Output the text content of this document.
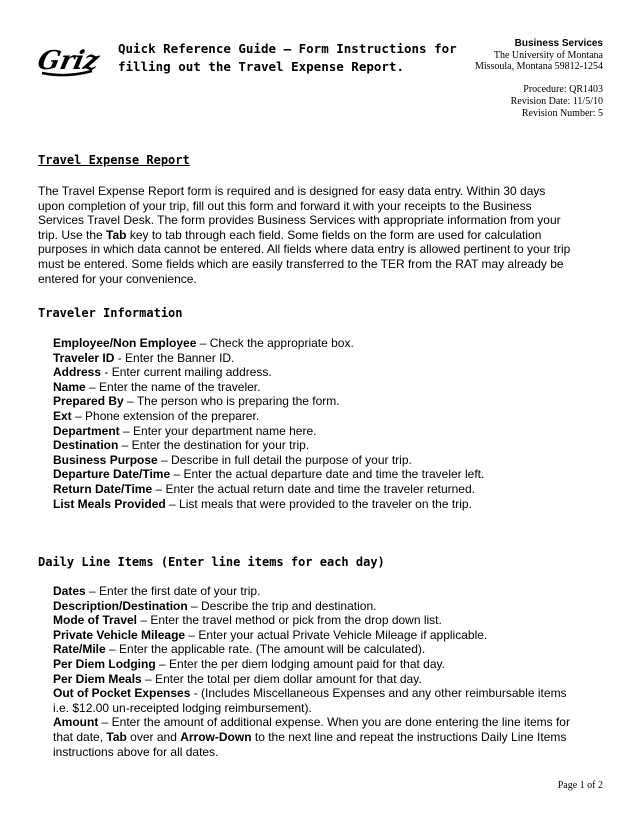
Griz Quick Reference Guide – Form Instructions for
filling out the Travel Expense Report.
Business Services
The University of Montana
Missoula, Montana 59812-1254
Procedure: QR1403
Revision Date: 11/5/10
Revision Number: 5
Travel Expense Report
The Travel Expense Report form is required and is designed for easy data entry. Within 30 days
upon completion of your trip, fill out this form and forward it with your receipts to the Business
Services Travel Desk. The form provides Business Services with appropriate information from your
trip. Use the Tab key to tab through each field. Some fields on the form are used for calculation
purposes in which data cannot be entered. All fields where data entry is allowed pertinent to your trip
must be entered. Some fields which are easily transferred to the TER from the RAT may already be
entered for your convenience.
Traveler Information
Employee/Non Employee – Check the appropriate box.
Traveler ID - Enter the Banner ID.
Address - Enter current mailing address.
Name – Enter the name of the traveler.
Prepared By – The person who is preparing the form.
Ext – Phone extension of the preparer.
Department – Enter your department name here.
Destination – Enter the destination for your trip.
Business Purpose – Describe in full detail the purpose of your trip.
Departure Date/Time – Enter the actual departure date and time the traveler left.
Return Date/Time – Enter the actual return date and time the traveler returned.
List Meals Provided – List meals that were provided to the traveler on the trip.
Daily Line Items (Enter line items for each day)
Dates – Enter the first date of your trip.
Description/Destination – Describe the trip and destination.
Mode of Travel – Enter the travel method or pick from the drop down list.
Private Vehicle Mileage – Enter your actual Private Vehicle Mileage if applicable.
Rate/Mile – Enter the applicable rate. (The amount will be calculated).
Per Diem Lodging – Enter the per diem lodging amount paid for that day.
Per Diem Meals – Enter the total per diem dollar amount for that day.
Out of Pocket Expenses - (Includes Miscellaneous Expenses and any other reimbursable items
i.e. $12.00 un-receipted lodging reimbursement).
Amount – Enter the amount of additional expense. When you are done entering the line items for
that date, Tab over and Arrow-Down to the next line and repeat the instructions Daily Line Items
instructions above for all dates.
Page 1 of 2
